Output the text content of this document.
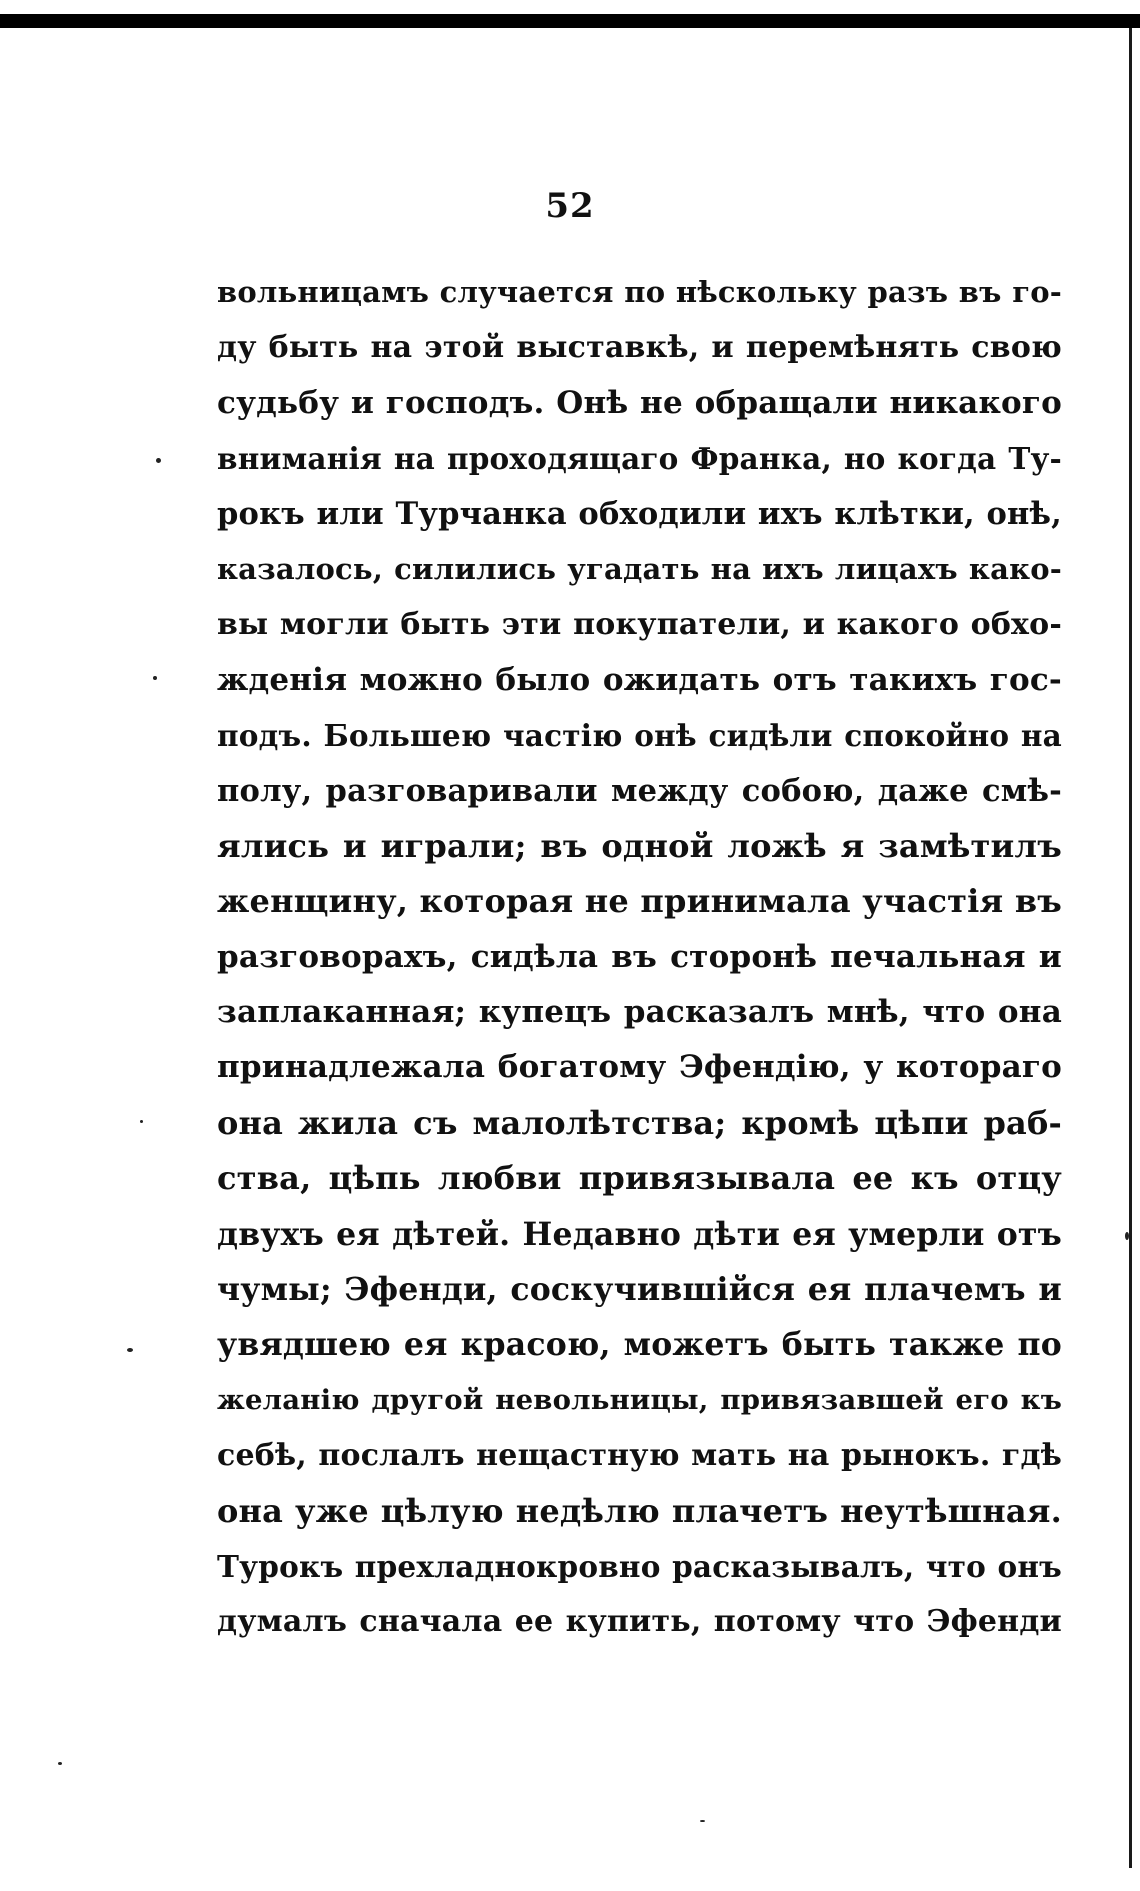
52
вольницамъ случается по нѣскольку разъ въ го-
ду быть на этой выставкѣ, и перемѣнять свою
судьбу и господъ. Онѣ не обращали никакого
вниманія на проходящаго Франка, но когда Ту-
рокъ или Турчанка обходили ихъ клѣтки, онѣ,
казалось, силились угадать на ихъ лицахъ како-
вы могли быть эти покупатели, и какого обхо-
жденія можно было ожидать отъ такихъ гос-
подъ. Большею частію онѣ сидѣли спокойно на
полу, разговаривали между собою, даже смѣ-
ялись и играли; въ одной ложѣ я замѣтилъ
женщину, которая не принимала участія въ
разговорахъ, сидѣла въ сторонѣ печальная и
заплаканная; купецъ расказалъ мнѣ, что она
принадлежала богатому Эфендію, у котораго
она жила съ малолѣтства; кромѣ цѣпи раб-
ства, цѣпь любви привязывала ее къ отцу
двухъ ея дѣтей. Недавно дѣти ея умерли отъ
чумы; Эфенди, соскучившійся ея плачемъ и
увядшею ея красою, можетъ быть также по
желанію другой невольницы, привязавшей его къ
себѣ, послалъ нещастную мать на рынокъ. гдѣ
она уже цѣлую недѣлю плачетъ неутѣшная.
Турокъ прехладнокровно расказывалъ, что онъ
думалъ сначала ее купить, потому что Эфенди
